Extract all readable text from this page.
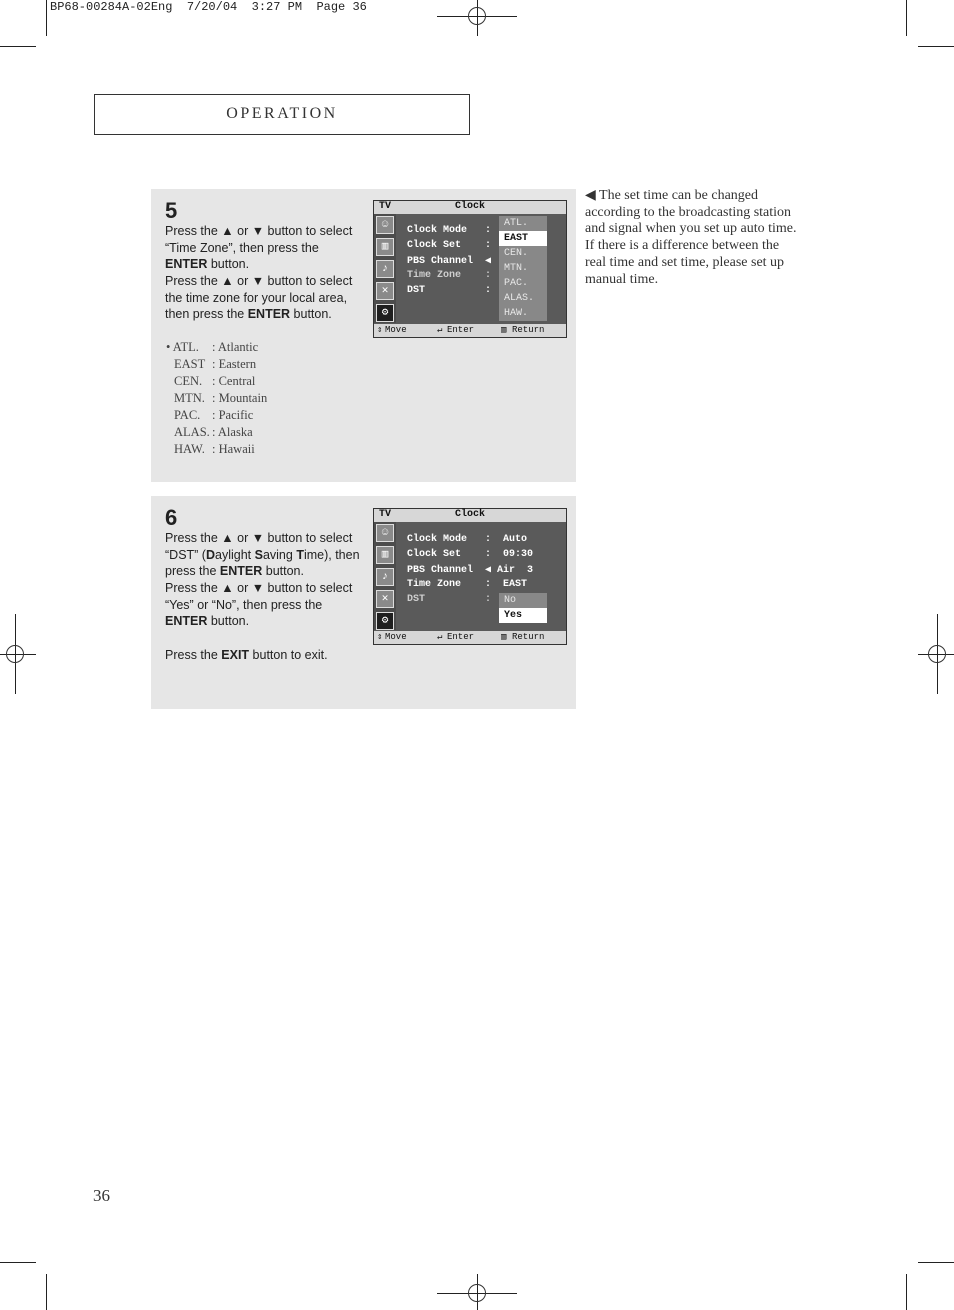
BP68-00284A-02Eng  7/20/04  3:27 PM  Page 36
OPERATION
5
Press the ▲ or ▼ button to select “Time Zone”, then press the ENTER button.
Press the ▲ or ▼ button to select the time zone for your local area, then press the ENTER button.
• ATL.	: Atlantic
EAST : Eastern
CEN. : Central
MTN. : Mountain
PAC. : Pacific
ALAS. : Alaska
HAW. : Hawaii
TV	Clock
☺
▥
♪
✕
⚙
Clock Mode   :
Clock Set    :
PBS Channel  ◀
Time Zone    :
DST          :
ATL.
EAST
CEN.
MTN.
PAC.
ALAS.
HAW.
⇕ Move	↵ Enter	▥ Return
◀ The set time can be changed according to the broadcasting station and signal when you set up auto time. If there is a difference between the real time and set time, please set up manual time.
6
Press the ▲ or ▼ button to select “DST” (Daylight Saving Time), then press the ENTER button.
Press the ▲ or ▼ button to select “Yes” or “No”, then press the ENTER button.
Press the EXIT button to exit.
TV	Clock
☺
▥
♪
✕
⚙
Clock Mode   :  Auto
Clock Set    :  09:30
PBS Channel  ◀ Air  3
Time Zone    :  EAST
DST          :	No
Yes
⇕ Move	↵ Enter	▥ Return
36
